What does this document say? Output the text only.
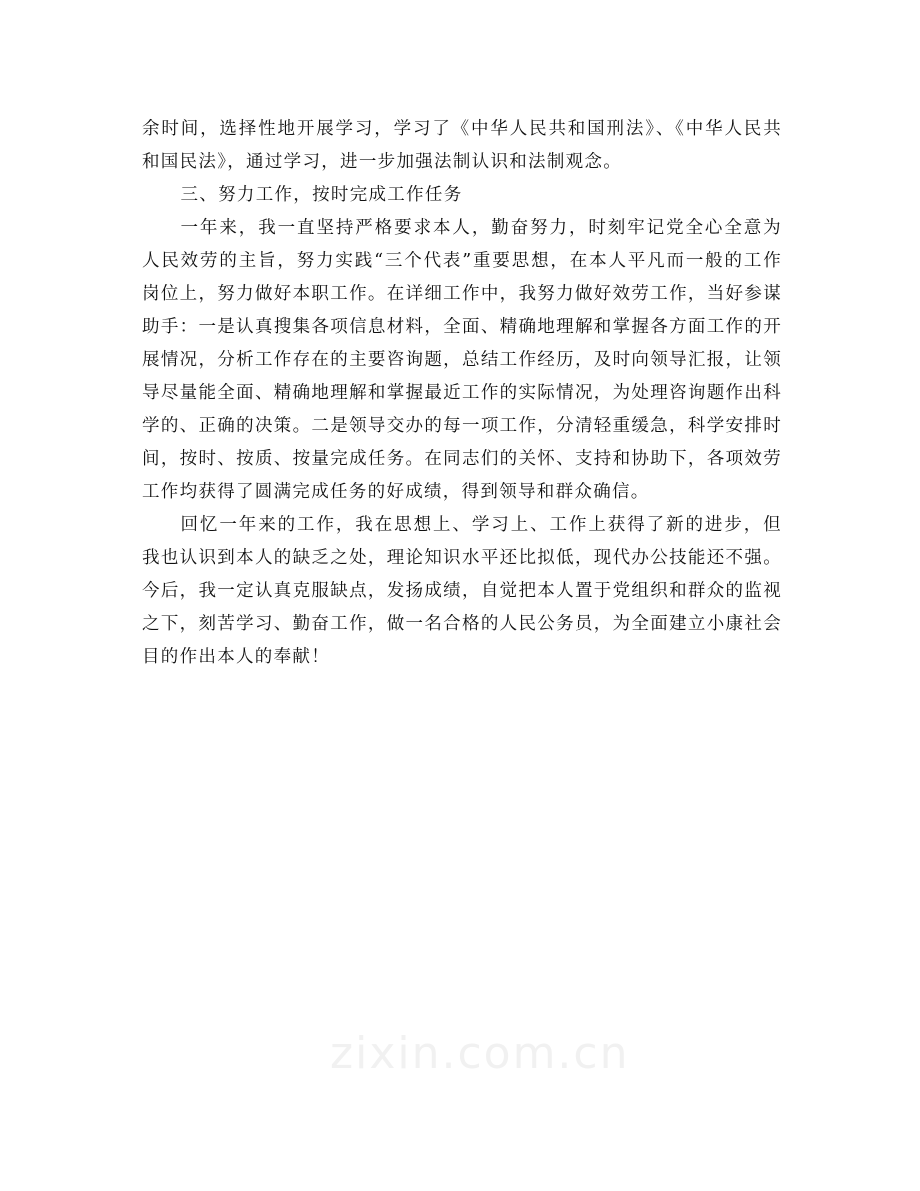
余时间，选择性地开展学习，学习了《中华人民共和国刑法》、《中华人民共和国民法》，通过学习，进一步加强法制认识和法制观念。

三、努力工作，按时完成工作任务

一年来，我一直坚持严格要求本人，勤奋努力，时刻牢记党全心全意为人民效劳的主旨，努力实践“三个代表”重要思想，在本人平凡而一般的工作岗位上，努力做好本职工作。在详细工作中，我努力做好效劳工作，当好参谋助手：一是认真搜集各项信息材料，全面、精确地理解和掌握各方面工作的开展情况，分析工作存在的主要咨询题，总结工作经历，及时向领导汇报，让领导尽量能全面、精确地理解和掌握最近工作的实际情况，为处理咨询题作出科学的、正确的决策。二是领导交办的每一项工作，分清轻重缓急，科学安排时间，按时、按质、按量完成任务。在同志们的关怀、支持和协助下，各项效劳工作均获得了圆满完成任务的好成绩，得到领导和群众确信。

回忆一年来的工作，我在思想上、学习上、工作上获得了新的进步，但我也认识到本人的缺乏之处，理论知识水平还比拟低，现代办公技能还不强。今后，我一定认真克服缺点，发扬成绩，自觉把本人置于党组织和群众的监视之下，刻苦学习、勤奋工作，做一名合格的人民公务员，为全面建立小康社会目的作出本人的奉献！

zixin.com.cn
